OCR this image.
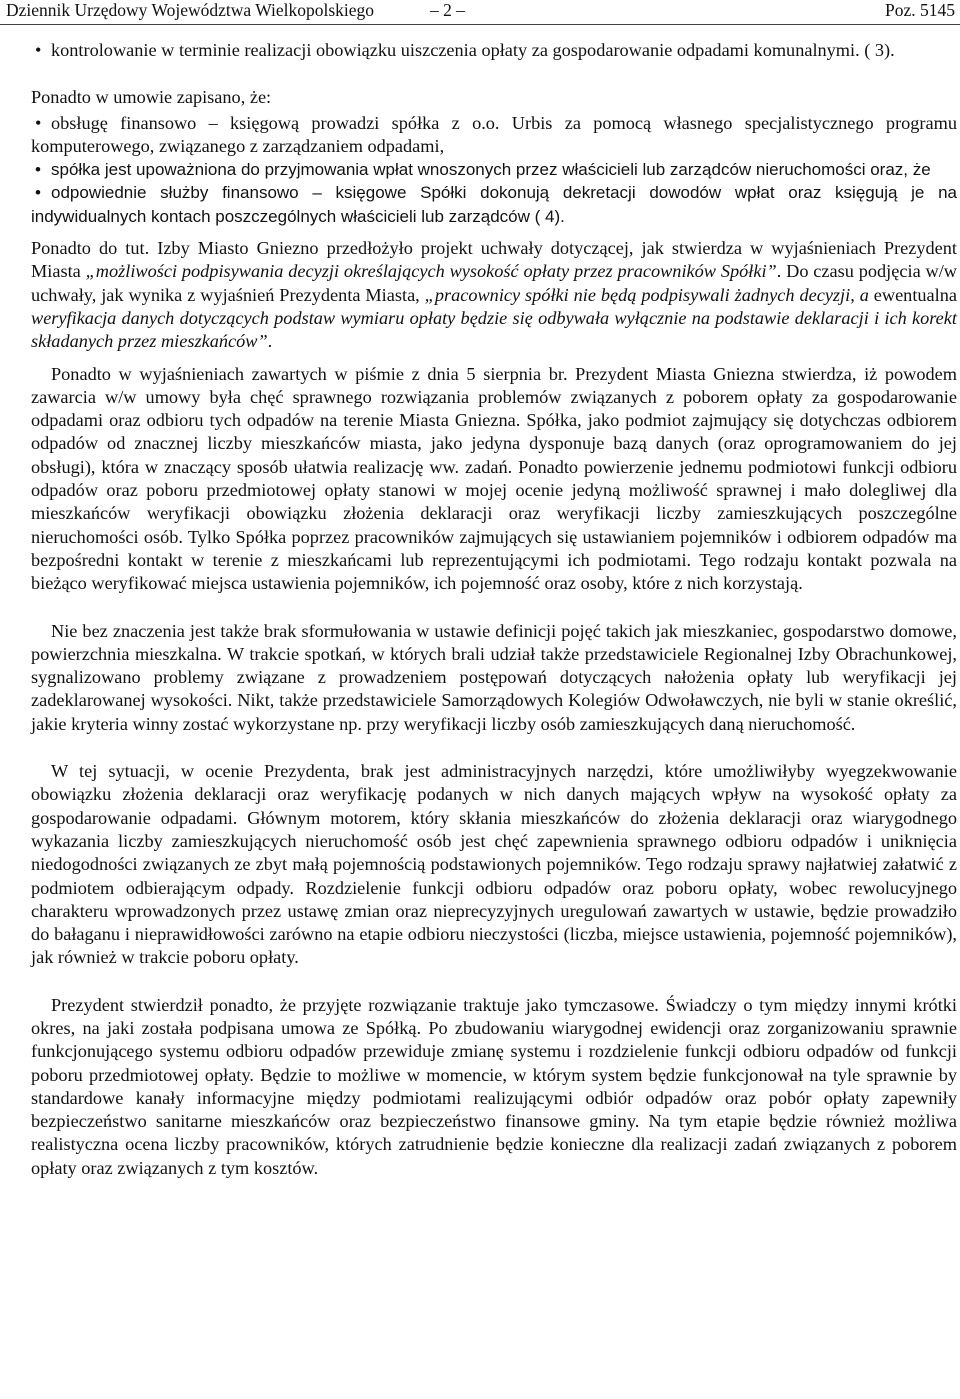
Dziennik Urzędowy Województwa Wielkopolskiego	– 2 –	Poz. 5145

• kontrolowanie w terminie realizacji obowiązku uiszczenia opłaty za gospodarowanie odpadami komunalnymi. ( 3).

Ponadto w umowie zapisano, że:

• obsługę finansowo – księgową prowadzi spółka z o.o. Urbis za pomocą własnego specjalistycznego programu komputerowego, związanego z zarządzaniem odpadami,

• spółka jest upoważniona do przyjmowania wpłat wnoszonych przez właścicieli lub zarządców nieruchomości oraz, że

• odpowiednie służby finansowo – księgowe Spółki dokonują dekretacji dowodów wpłat oraz księgują je na indywidualnych kontach poszczególnych właścicieli lub zarządców ( 4).

Ponadto do tut. Izby Miasto Gniezno przedłożyło projekt uchwały dotyczącej, jak stwierdza w wyjaśnieniach Prezydent Miasta „możliwości podpisywania decyzji określających wysokość opłaty przez pracowników Spółki”. Do czasu podjęcia w/w uchwały, jak wynika z wyjaśnień Prezydenta Miasta, „pracownicy spółki nie będą podpisywali żadnych decyzji, a ewentualna weryfikacja danych dotyczących podstaw wymiaru opłaty będzie się odbywała wyłącznie na podstawie deklaracji i ich korekt składanych przez mieszkańców”.

Ponadto w wyjaśnieniach zawartych w piśmie z dnia 5 sierpnia br. Prezydent Miasta Gniezna stwierdza, iż powodem zawarcia w/w umowy była chęć sprawnego rozwiązania problemów związanych z poborem opłaty za gospodarowanie odpadami oraz odbioru tych odpadów na terenie Miasta Gniezna. Spółka, jako podmiot zajmujący się dotychczas odbiorem odpadów od znacznej liczby mieszkańców miasta, jako jedyna dysponuje bazą danych (oraz oprogramowaniem do jej obsługi), która w znaczący sposób ułatwia realizację ww. zadań. Ponadto powierzenie jednemu podmiotowi funkcji odbioru odpadów oraz poboru przedmiotowej opłaty stanowi w mojej ocenie jedyną możliwość sprawnej i mało dolegliwej dla mieszkańców weryfikacji obowiązku złożenia deklaracji oraz weryfikacji liczby zamieszkujących poszczególne nieruchomości osób. Tylko Spółka poprzez pracowników zajmujących się ustawianiem pojemników i odbiorem odpadów ma bezpośredni kontakt w terenie z mieszkańcami lub reprezentującymi ich podmiotami. Tego rodzaju kontakt pozwala na bieżąco weryfikować miejsca ustawienia pojemników, ich pojemność oraz osoby, które z nich korzystają.

Nie bez znaczenia jest także brak sformułowania w ustawie definicji pojęć takich jak mieszkaniec, gospodarstwo domowe, powierzchnia mieszkalna. W trakcie spotkań, w których brali udział także przedstawiciele Regionalnej Izby Obrachunkowej, sygnalizowano problemy związane z prowadzeniem postępowań dotyczących nałożenia opłaty lub weryfikacji jej zadeklarowanej wysokości. Nikt, także przedstawiciele Samorządowych Kolegiów Odwoławczych, nie byli w stanie określić, jakie kryteria winny zostać wykorzystane np. przy weryfikacji liczby osób zamieszkujących daną nieruchomość.

W tej sytuacji, w ocenie Prezydenta, brak jest administracyjnych narzędzi, które umożliwiłyby wyegzekwowanie obowiązku złożenia deklaracji oraz weryfikację podanych w nich danych mających wpływ na wysokość opłaty za gospodarowanie odpadami. Głównym motorem, który skłania mieszkańców do złożenia deklaracji oraz wiarygodnego wykazania liczby zamieszkujących nieruchomość osób jest chęć zapewnienia sprawnego odbioru odpadów i uniknięcia niedogodności związanych ze zbyt małą pojemnością podstawionych pojemników. Tego rodzaju sprawy najłatwiej załatwić z podmiotem odbierającym odpady. Rozdzielenie funkcji odbioru odpadów oraz poboru opłaty, wobec rewolucyjnego charakteru wprowadzonych przez ustawę zmian oraz nieprecyzyjnych uregulowań zawartych w ustawie, będzie prowadziło do bałaganu i nieprawidłowości zarówno na etapie odbioru nieczystości (liczba, miejsce ustawienia, pojemność pojemników), jak również w trakcie poboru opłaty.

Prezydent stwierdził ponadto, że przyjęte rozwiązanie traktuje jako tymczasowe. Świadczy o tym między innymi krótki okres, na jaki została podpisana umowa ze Spółką. Po zbudowaniu wiarygodnej ewidencji oraz zorganizowaniu sprawnie funkcjonującego systemu odbioru odpadów przewiduje zmianę systemu i rozdzielenie funkcji odbioru odpadów od funkcji poboru przedmiotowej opłaty. Będzie to możliwe w momencie, w którym system będzie funkcjonował na tyle sprawnie by standardowe kanały informacyjne między podmiotami realizującymi odbiór odpadów oraz pobór opłaty zapewniły bezpieczeństwo sanitarne mieszkańców oraz bezpieczeństwo finansowe gminy. Na tym etapie będzie również możliwa realistyczna ocena liczby pracowników, których zatrudnienie będzie konieczne dla realizacji zadań związanych z poborem opłaty oraz związanych z tym kosztów.
